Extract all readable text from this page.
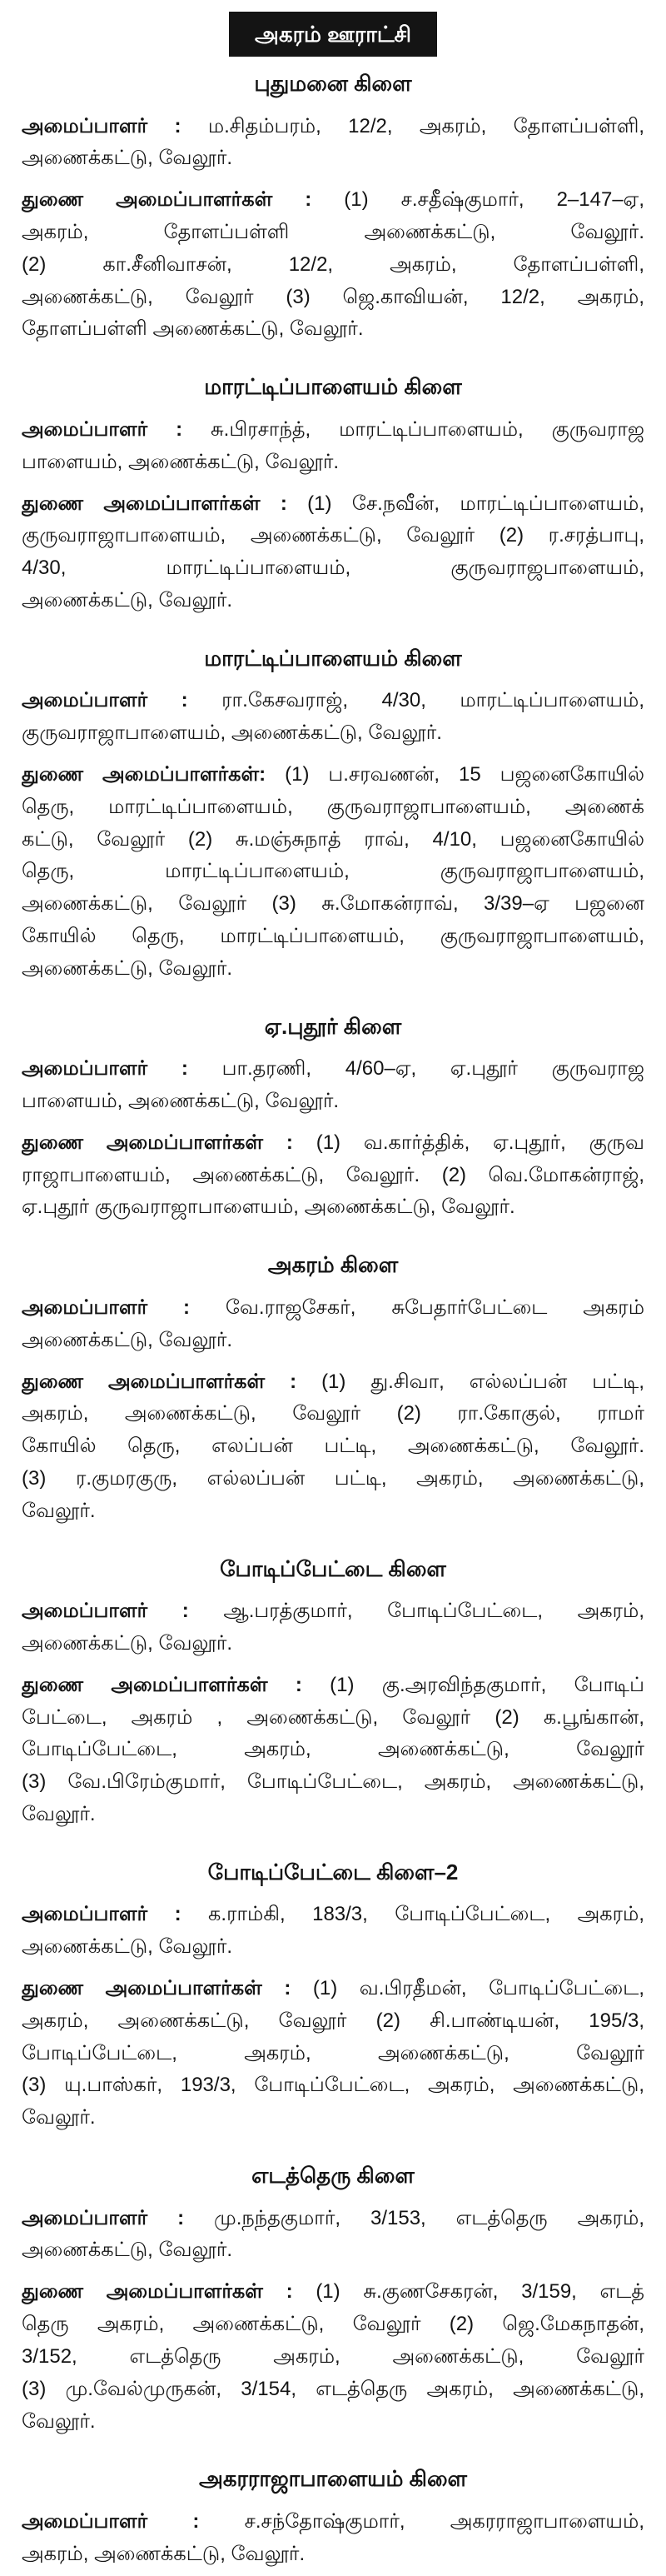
அகரம் ஊராட்சி
புதுமனை கிளை
அமைப்பாளர் : ம.சிதம்பரம், 12/2, அகரம், தோளப்பள்ளி,
அணைக்கட்டு, வேலூர்.
துணை அமைப்பாளர்கள் : (1) ச.சதீஷ்குமார், 2–147–ஏ,
அகரம், தோளப்பள்ளி அணைக்கட்டு, வேலூர்.
(2) கா.சீனிவாசன், 12/2, அகரம், தோளப்பள்ளி,
அணைக்கட்டு, வேலூர் (3) ஜெ.காவியன், 12/2, அகரம்,
தோளப்பள்ளி அணைக்கட்டு, வேலூர்.
மாரட்டிப்பாளையம் கிளை
அமைப்பாளர் : சு.பிரசாந்த், மாரட்டிப்பாளையம், குருவராஜ
பாளையம், அணைக்கட்டு, வேலூர்.
துணை அமைப்பாளர்கள் : (1) சே.நவீன், மாரட்டிப்பாளையம்,
குருவராஜாபாளையம், அணைக்கட்டு, வேலூர் (2) ர.சரத்பாபு,
4/30, மாரட்டிப்பாளையம், குருவராஜபாளையம்,
அணைக்கட்டு, வேலூர்.
மாரட்டிப்பாளையம் கிளை
அமைப்பாளர் : ரா.கேசவராஜ், 4/30, மாரட்டிப்பாளையம்,
குருவராஜாபாளையம், அணைக்கட்டு, வேலூர்.
துணை அமைப்பாளர்கள்: (1) ப.சரவணன், 15 பஜனைகோயில்
தெரு, மாரட்டிப்பாளையம், குருவராஜாபாளையம், அணைக்
கட்டு, வேலூர் (2) சு.மஞ்சுநாத் ராவ், 4/10, பஜனைகோயில்
தெரு, மாரட்டிப்பாளையம், குருவராஜாபாளையம்,
அணைக்கட்டு, வேலூர் (3) சு.மோகன்ராவ், 3/39–ஏ பஜனை
கோயில் தெரு, மாரட்டிப்பாளையம், குருவராஜாபாளையம்,
அணைக்கட்டு, வேலூர்.
ஏ.புதூர் கிளை
அமைப்பாளர் : பா.தரணி, 4/60–ஏ, ஏ.புதூர் குருவராஜ
பாளையம், அணைக்கட்டு, வேலூர்.
துணை அமைப்பாளர்கள் : (1) வ.கார்த்திக், ஏ.புதூர், குருவ
ராஜாபாளையம், அணைக்கட்டு, வேலூர். (2) வெ.மோகன்ராஜ்,
ஏ.புதூர் குருவராஜாபாளையம், அணைக்கட்டு, வேலூர்.
அகரம் கிளை
அமைப்பாளர் : வே.ராஜசேகர், சுபேதார்பேட்டை அகரம்
அணைக்கட்டு, வேலூர்.
துணை அமைப்பாளர்கள் : (1) து.சிவா, எல்லப்பன் பட்டி,
அகரம், அணைக்கட்டு, வேலூர் (2) ரா.கோகுல், ராமர்
கோயில் தெரு, எலப்பன் பட்டி, அணைக்கட்டு, வேலூர்.
(3) ர.குமரகுரு, எல்லப்பன் பட்டி, அகரம், அணைக்கட்டு,
வேலூர்.
போடிப்பேட்டை கிளை
அமைப்பாளர் : ஆ.பரத்குமார், போடிப்பேட்டை, அகரம்,
அணைக்கட்டு, வேலூர்.
துணை அமைப்பாளர்கள் : (1) கு.அரவிந்தகுமார், போடிப்
பேட்டை, அகரம் , அணைக்கட்டு, வேலூர் (2) க.பூங்கான்,
போடிப்பேட்டை, அகரம், அணைக்கட்டு, வேலூர்
(3) வே.பிரேம்குமார், போடிப்பேட்டை, அகரம், அணைக்கட்டு,
வேலூர்.
போடிப்பேட்டை கிளை–2
அமைப்பாளர் : க.ராம்கி, 183/3, போடிப்பேட்டை, அகரம்,
அணைக்கட்டு, வேலூர்.
துணை அமைப்பாளர்கள் : (1) வ.பிரதீமன், போடிப்பேட்டை,
அகரம், அணைக்கட்டு, வேலூர் (2) சி.பாண்டியன், 195/3,
போடிப்பேட்டை, அகரம், அணைக்கட்டு, வேலூர்
(3) யு.பாஸ்கர், 193/3, போடிப்பேட்டை, அகரம், அணைக்கட்டு,
வேலூர்.
எடத்தெரு கிளை
அமைப்பாளர் : மு.நந்தகுமார், 3/153, எடத்தெரு அகரம்,
அணைக்கட்டு, வேலூர்.
துணை அமைப்பாளர்கள் : (1) சு.குணசேகரன், 3/159, எடத்
தெரு அகரம், அணைக்கட்டு, வேலூர் (2) ஜெ.மேகநாதன்,
3/152, எடத்தெரு அகரம், அணைக்கட்டு, வேலூர்
(3) மு.வேல்முருகன், 3/154, எடத்தெரு அகரம், அணைக்கட்டு,
வேலூர்.
அகரராஜாபாளையம் கிளை
அமைப்பாளர் : ச.சந்தோஷ்குமார், அகரராஜாபாளையம்,
அகரம், அணைக்கட்டு, வேலூர்.
